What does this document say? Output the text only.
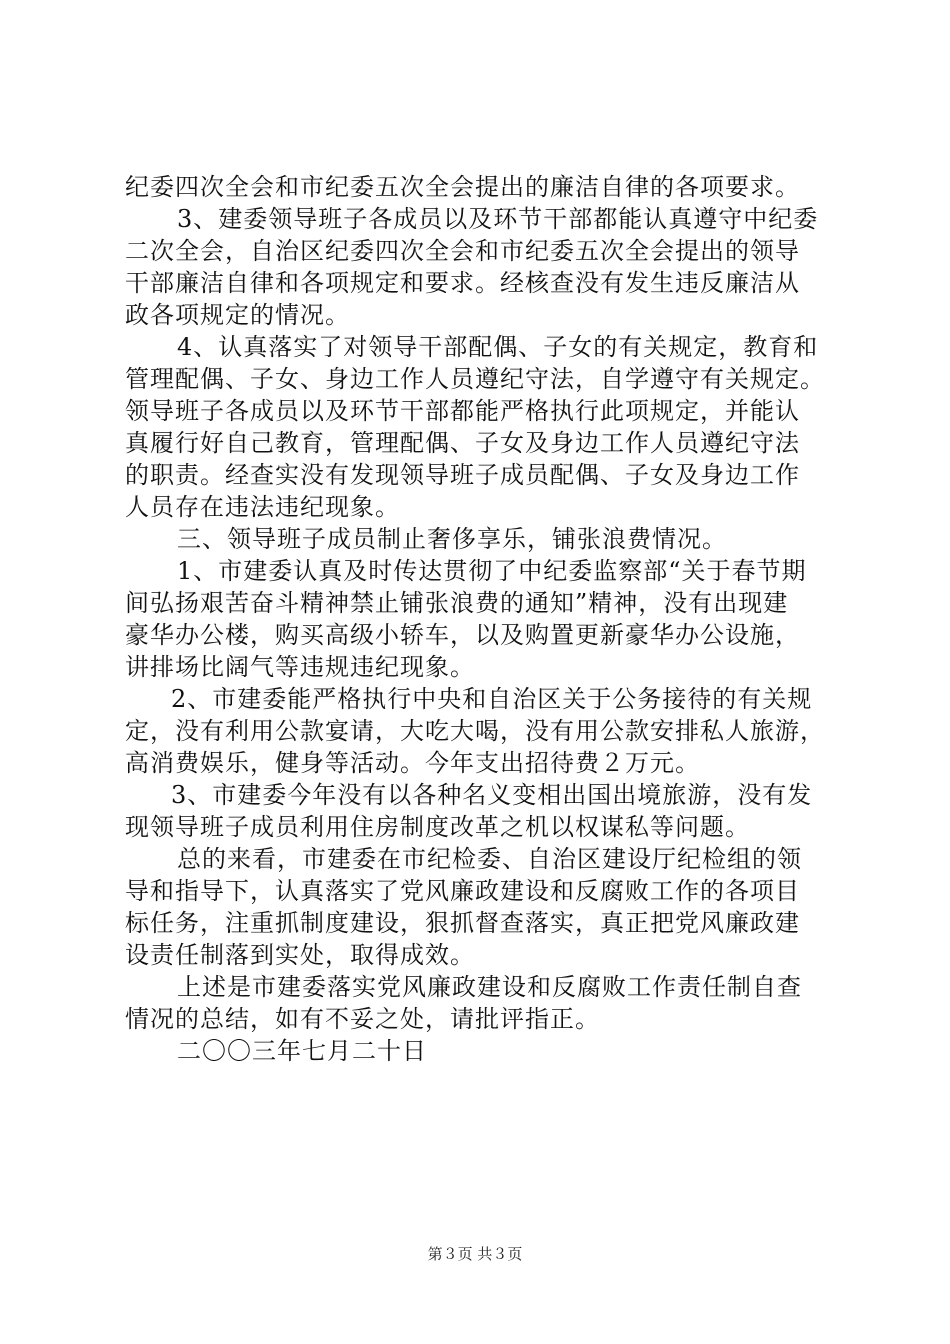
纪委四次全会和市纪委五次全会提出的廉洁自律的各项要求。
3、建委领导班子各成员以及环节干部都能认真遵守中纪委
二次全会，自治区纪委四次全会和市纪委五次全会提出的领导
干部廉洁自律和各项规定和要求。经核查没有发生违反廉洁从
政各项规定的情况。
4、认真落实了对领导干部配偶、子女的有关规定，教育和
管理配偶、子女、身边工作人员遵纪守法，自学遵守有关规定。
领导班子各成员以及环节干部都能严格执行此项规定，并能认
真履行好自己教育，管理配偶、子女及身边工作人员遵纪守法
的职责。经查实没有发现领导班子成员配偶、子女及身边工作
人员存在违法违纪现象。
三、领导班子成员制止奢侈享乐，铺张浪费情况。
1、市建委认真及时传达贯彻了中纪委监察部“关于春节期
间弘扬艰苦奋斗精神禁止铺张浪费的通知”精神，没有出现建
豪华办公楼，购买高级小轿车，以及购置更新豪华办公设施，
讲排场比阔气等违规违纪现象。
2、市建委能严格执行中央和自治区关于公务接待的有关规
定，没有利用公款宴请，大吃大喝，没有用公款安排私人旅游，
高消费娱乐，健身等活动。今年支出招待费２万元。
3、市建委今年没有以各种名义变相出国出境旅游，没有发
现领导班子成员利用住房制度改革之机以权谋私等问题。
总的来看，市建委在市纪检委、自治区建设厅纪检组的领
导和指导下，认真落实了党风廉政建设和反腐败工作的各项目
标任务，注重抓制度建设，狠抓督查落实，真正把党风廉政建
设责任制落到实处，取得成效。
上述是市建委落实党风廉政建设和反腐败工作责任制自查
情况的总结，如有不妥之处，请批评指正。
二〇〇三年七月二十日
第３页 共３页
